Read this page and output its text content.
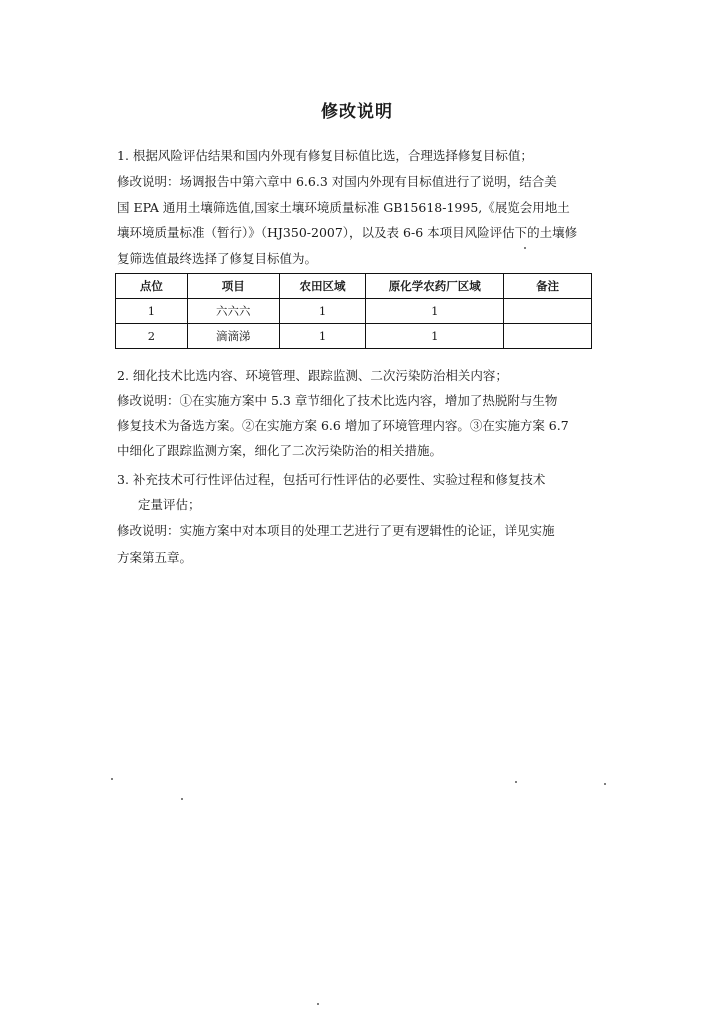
修改说明
1. 根据风险评估结果和国内外现有修复目标值比选，合理选择修复目标值；
修改说明：场调报告中第六章中 6.6.3 对国内外现有目标值进行了说明，结合美
国 EPA 通用土壤筛选值,国家土壤环境质量标准 GB15618-1995,《展览会用地土
壤环境质量标准（暂行）》（HJ350-2007），以及表 6-6 本项目风险评估下的土壤修
复筛选值最终选择了修复目标值为。
点位	项目	农田区域	原化学农药厂区域	备注
1	六六六	1	1	
2	滴滴涕	1	1	
2. 细化技术比选内容、环境管理、跟踪监测、二次污染防治相关内容；
修改说明：①在实施方案中 5.3 章节细化了技术比选内容，增加了热脱附与生物
修复技术为备选方案。②在实施方案 6.6 增加了环境管理内容。③在实施方案 6.7
中细化了跟踪监测方案，细化了二次污染防治的相关措施。
3. 补充技术可行性评估过程，包括可行性评估的必要性、实验过程和修复技术
定量评估；
修改说明：实施方案中对本项目的处理工艺进行了更有逻辑性的论证，详见实施
方案第五章。
